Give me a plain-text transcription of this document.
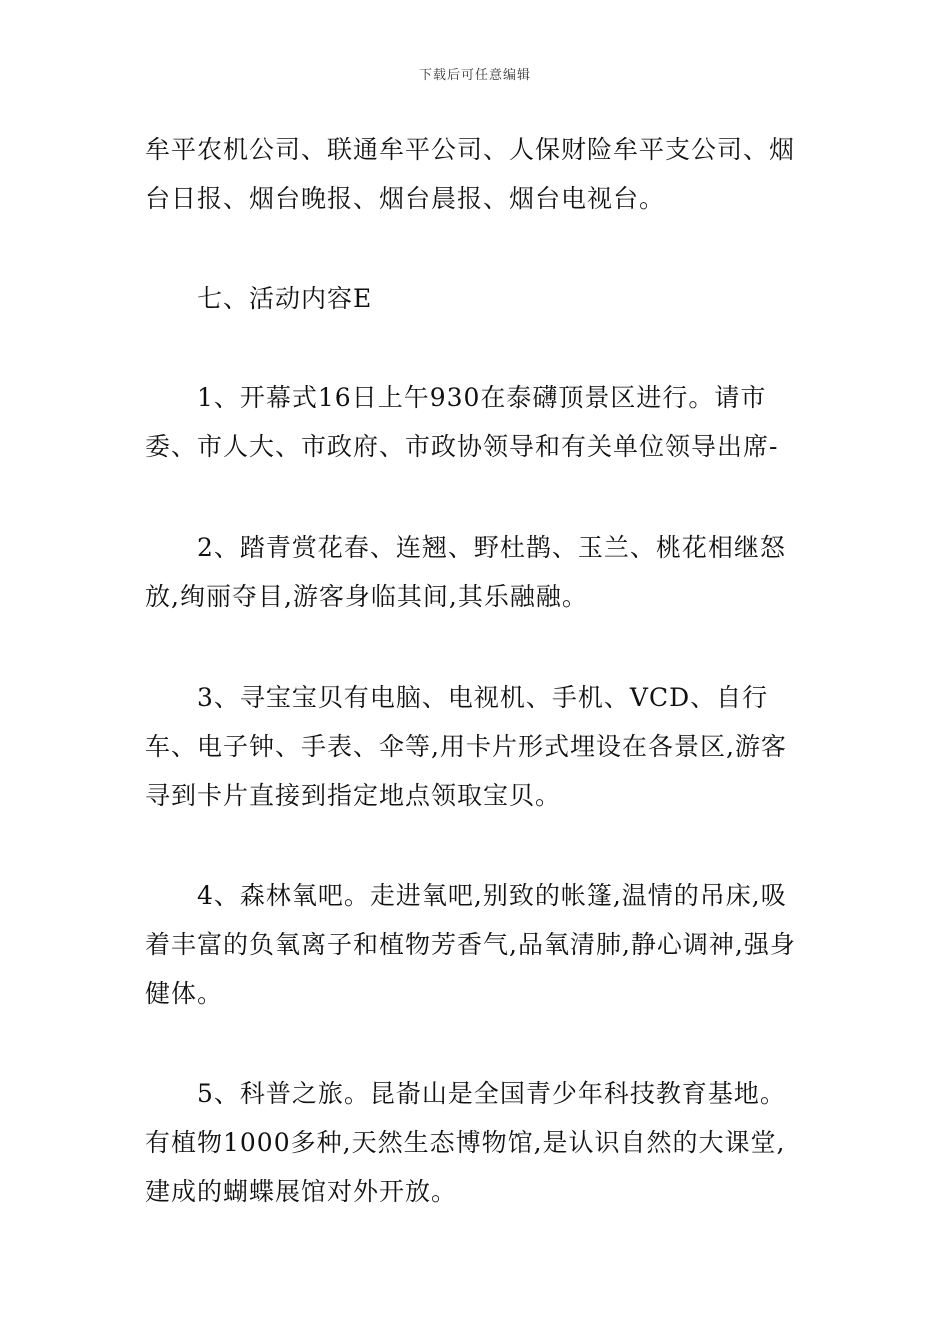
下载后可任意编辑

牟平农机公司、联通牟平公司、人保财险牟平支公司、烟台日报、烟台晚报、烟台晨报、烟台电视台。

七、活动内容E

1、开幕式16日上午930在泰礴顶景区进行。请市委、市人大、市政府、市政协领导和有关单位领导出席-

2、踏青赏花春、连翘、野杜鹊、玉兰、桃花相继怒放,绚丽夺目,游客身临其间,其乐融融。

3、寻宝宝贝有电脑、电视机、手机、VCD、自行车、电子钟、手表、伞等,用卡片形式埋设在各景区,游客寻到卡片直接到指定地点领取宝贝。

4、森林氧吧。走进氧吧,别致的帐篷,温情的吊床,吸着丰富的负氧离子和植物芳香气,品氧清肺,静心调神,强身健体。

5、科普之旅。昆嵛山是全国青少年科技教育基地。有植物1000多种,天然生态博物馆,是认识自然的大课堂,建成的蝴蝶展馆对外开放。
